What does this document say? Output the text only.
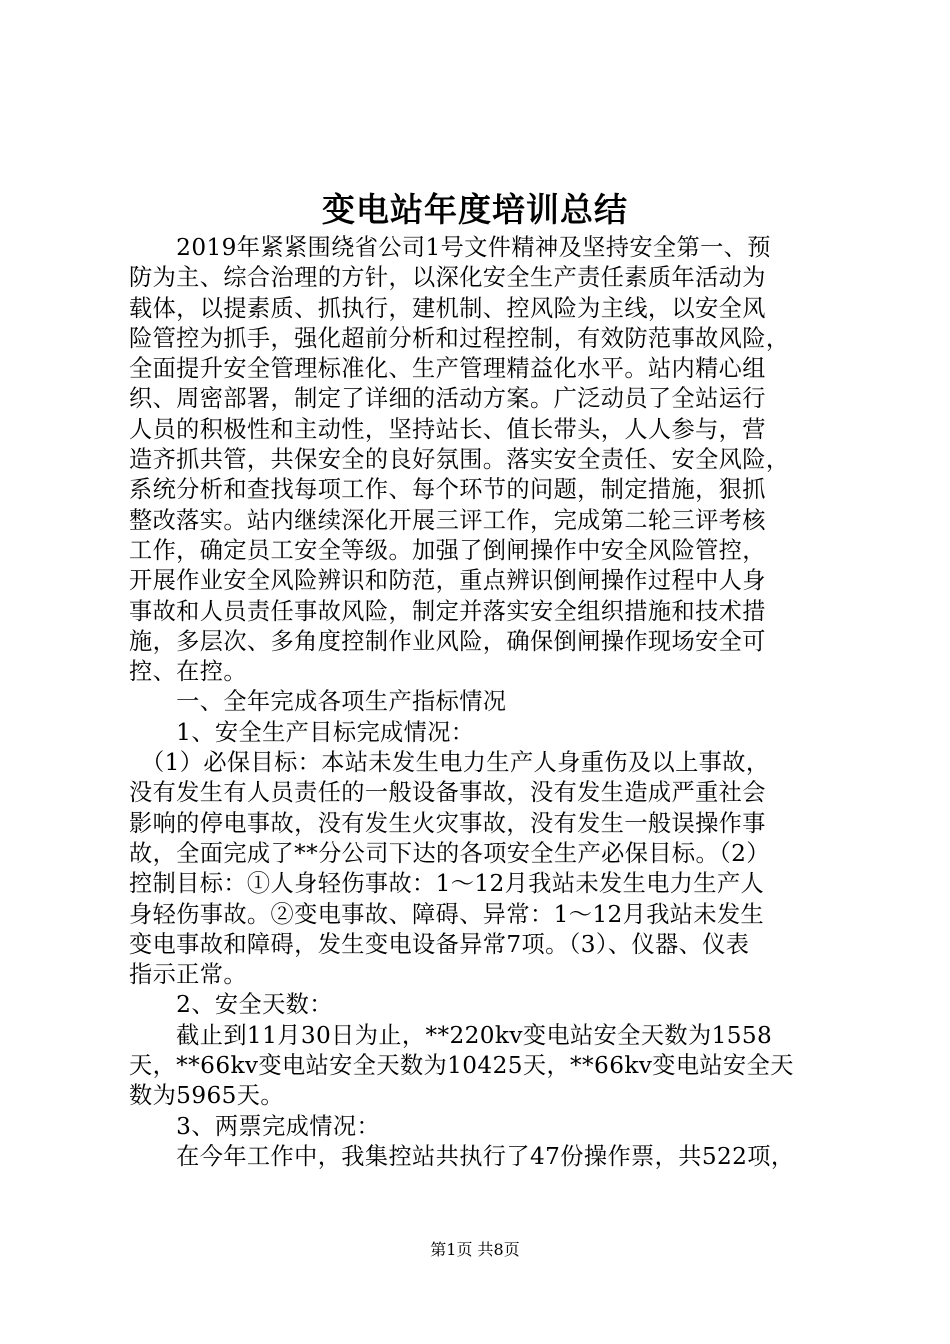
变电站年度培训总结
　　2019年紧紧围绕省公司1号文件精神及坚持安全第一、预
防为主、综合治理的方针，以深化安全生产责任素质年活动为
载体，以提素质、抓执行，建机制、控风险为主线，以安全风
险管控为抓手，强化超前分析和过程控制，有效防范事故风险，
全面提升安全管理标准化、生产管理精益化水平。站内精心组
织、周密部署，制定了详细的活动方案。广泛动员了全站运行
人员的积极性和主动性，坚持站长、值长带头，人人参与，营
造齐抓共管，共保安全的良好氛围。落实安全责任、安全风险，
系统分析和查找每项工作、每个环节的问题，制定措施，狠抓
整改落实。站内继续深化开展三评工作，完成第二轮三评考核
工作，确定员工安全等级。加强了倒闸操作中安全风险管控，
开展作业安全风险辨识和防范，重点辨识倒闸操作过程中人身
事故和人员责任事故风险，制定并落实安全组织措施和技术措
施，多层次、多角度控制作业风险，确保倒闸操作现场安全可
控、在控。
　　一、全年完成各项生产指标情况
　　1、安全生产目标完成情况：
　（1）必保目标：本站未发生电力生产人身重伤及以上事故，
没有发生有人员责任的一般设备事故，没有发生造成严重社会
影响的停电事故，没有发生火灾事故，没有发生一般误操作事
故，全面完成了**分公司下达的各项安全生产必保目标。（2）
控制目标：①人身轻伤事故：1～12月我站未发生电力生产人
身轻伤事故。②变电事故、障碍、异常：1～12月我站未发生
变电事故和障碍，发生变电设备异常7项。（3）、仪器、仪表
指示正常。
　　2、安全天数：
　　截止到11月30日为止，**220kv变电站安全天数为1558
天，**66kv变电站安全天数为10425天，**66kv变电站安全天
数为5965天。
　　3、两票完成情况：
　　在今年工作中，我集控站共执行了47份操作票，共522项，
第1页 共8页
